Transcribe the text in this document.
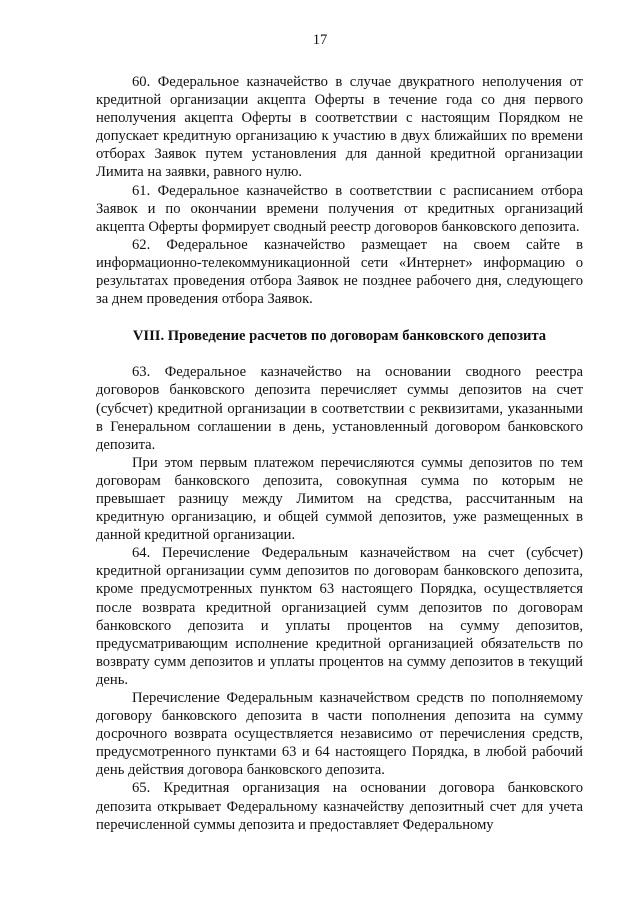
17

60. Федеральное казначейство в случае двукратного неполучения от кредитной организации акцепта Оферты в течение года со дня первого неполучения акцепта Оферты в соответствии с настоящим Порядком не допускает кредитную организацию к участию в двух ближайших по времени отборах Заявок путем установления для данной кредитной организации Лимита на заявки, равного нулю.

61. Федеральное казначейство в соответствии с расписанием отбора Заявок и по окончании времени получения от кредитных организаций акцепта Оферты формирует сводный реестр договоров банковского депозита.

62. Федеральное казначейство размещает на своем сайте в информационно-телекоммуникационной сети «Интернет» информацию о результатах проведения отбора Заявок не позднее рабочего дня, следующего за днем проведения отбора Заявок.

VIII. Проведение расчетов по договорам банковского депозита

63. Федеральное казначейство на основании сводного реестра договоров банковского депозита перечисляет суммы депозитов на счет (субсчет) кредитной организации в соответствии с реквизитами, указанными в Генеральном соглашении в день, установленный договором банковского депозита.

При этом первым платежом перечисляются суммы депозитов по тем договорам банковского депозита, совокупная сумма по которым не превышает разницу между Лимитом на средства, рассчитанным на кредитную организацию, и общей суммой депозитов, уже размещенных в данной кредитной организации.

64. Перечисление Федеральным казначейством на счет (субсчет) кредитной организации сумм депозитов по договорам банковского депозита, кроме предусмотренных пунктом 63 настоящего Порядка, осуществляется после возврата кредитной организацией сумм депозитов по договорам банковского депозита и уплаты процентов на сумму депозитов, предусматривающим исполнение кредитной организацией обязательств по возврату сумм депозитов и уплаты процентов на сумму депозитов в текущий день.

Перечисление Федеральным казначейством средств по пополняемому договору банковского депозита в части пополнения депозита на сумму досрочного возврата осуществляется независимо от перечисления средств, предусмотренного пунктами 63 и 64 настоящего Порядка, в любой рабочий день действия договора банковского депозита.

65. Кредитная организация на основании договора банковского депозита открывает Федеральному казначейству депозитный счет для учета перечисленной суммы депозита и предоставляет Федеральному
